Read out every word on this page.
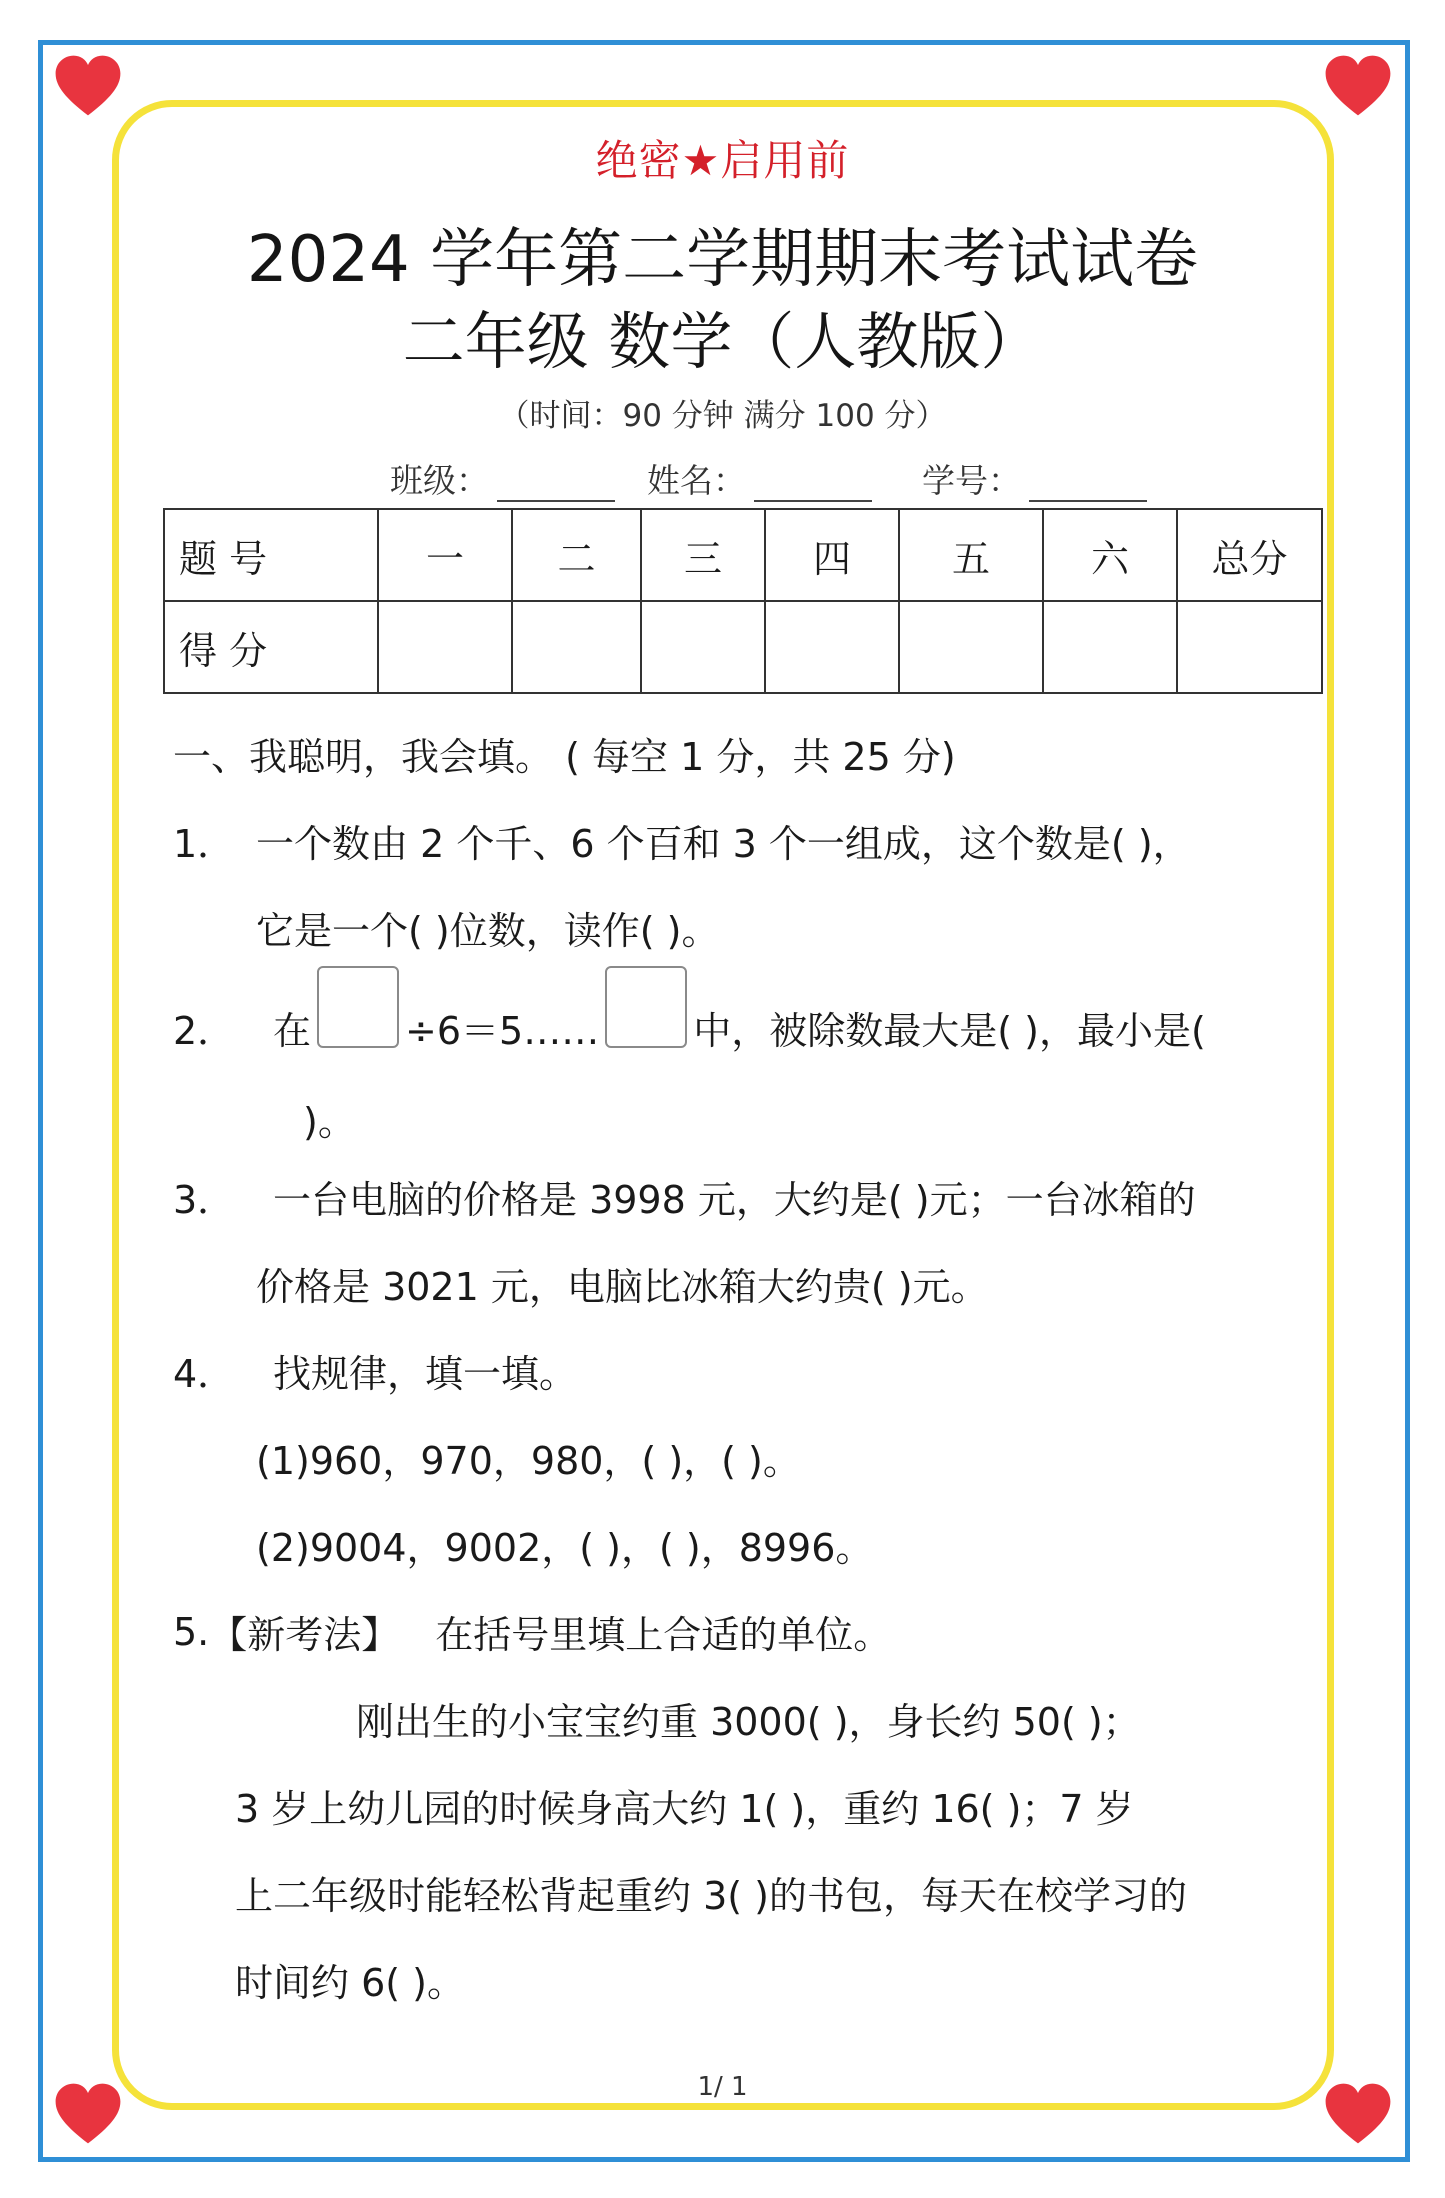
绝密★启用前
2024 学年第二学期期末考试试卷
二年级 数学（人教版）
（时间：90 分钟 满分 100 分）
班级：	姓名：	学号：
题 号	一	二	三	四	五	六	总分
得 分							
一、我聪明，我会填。 ( 每空 1 分，共 25 分)
1． 一个数由 2 个千、6 个百和 3 个一组成，这个数是( )，
它是一个( )位数，读作( )。
2． 在 ÷6＝5…… 中，被除数最大是( )，最小是(
)。
3． 一台电脑的价格是 3998 元，大约是( )元；一台冰箱的
价格是 3021 元，电脑比冰箱大约贵( )元。
4． 找规律，填一填。
(1)960，970，980，( )，( )。
(2)9004，9002，( )，( )，8996。
5. 【新考法】 在括号里填上合适的单位。
刚出生的小宝宝约重 3000( )，身长约 50( )；
3 岁上幼儿园的时候身高大约 1( )，重约 16( )；7 岁
上二年级时能轻松背起重约 3( )的书包，每天在校学习的
时间约 6( )。
1/ 1
